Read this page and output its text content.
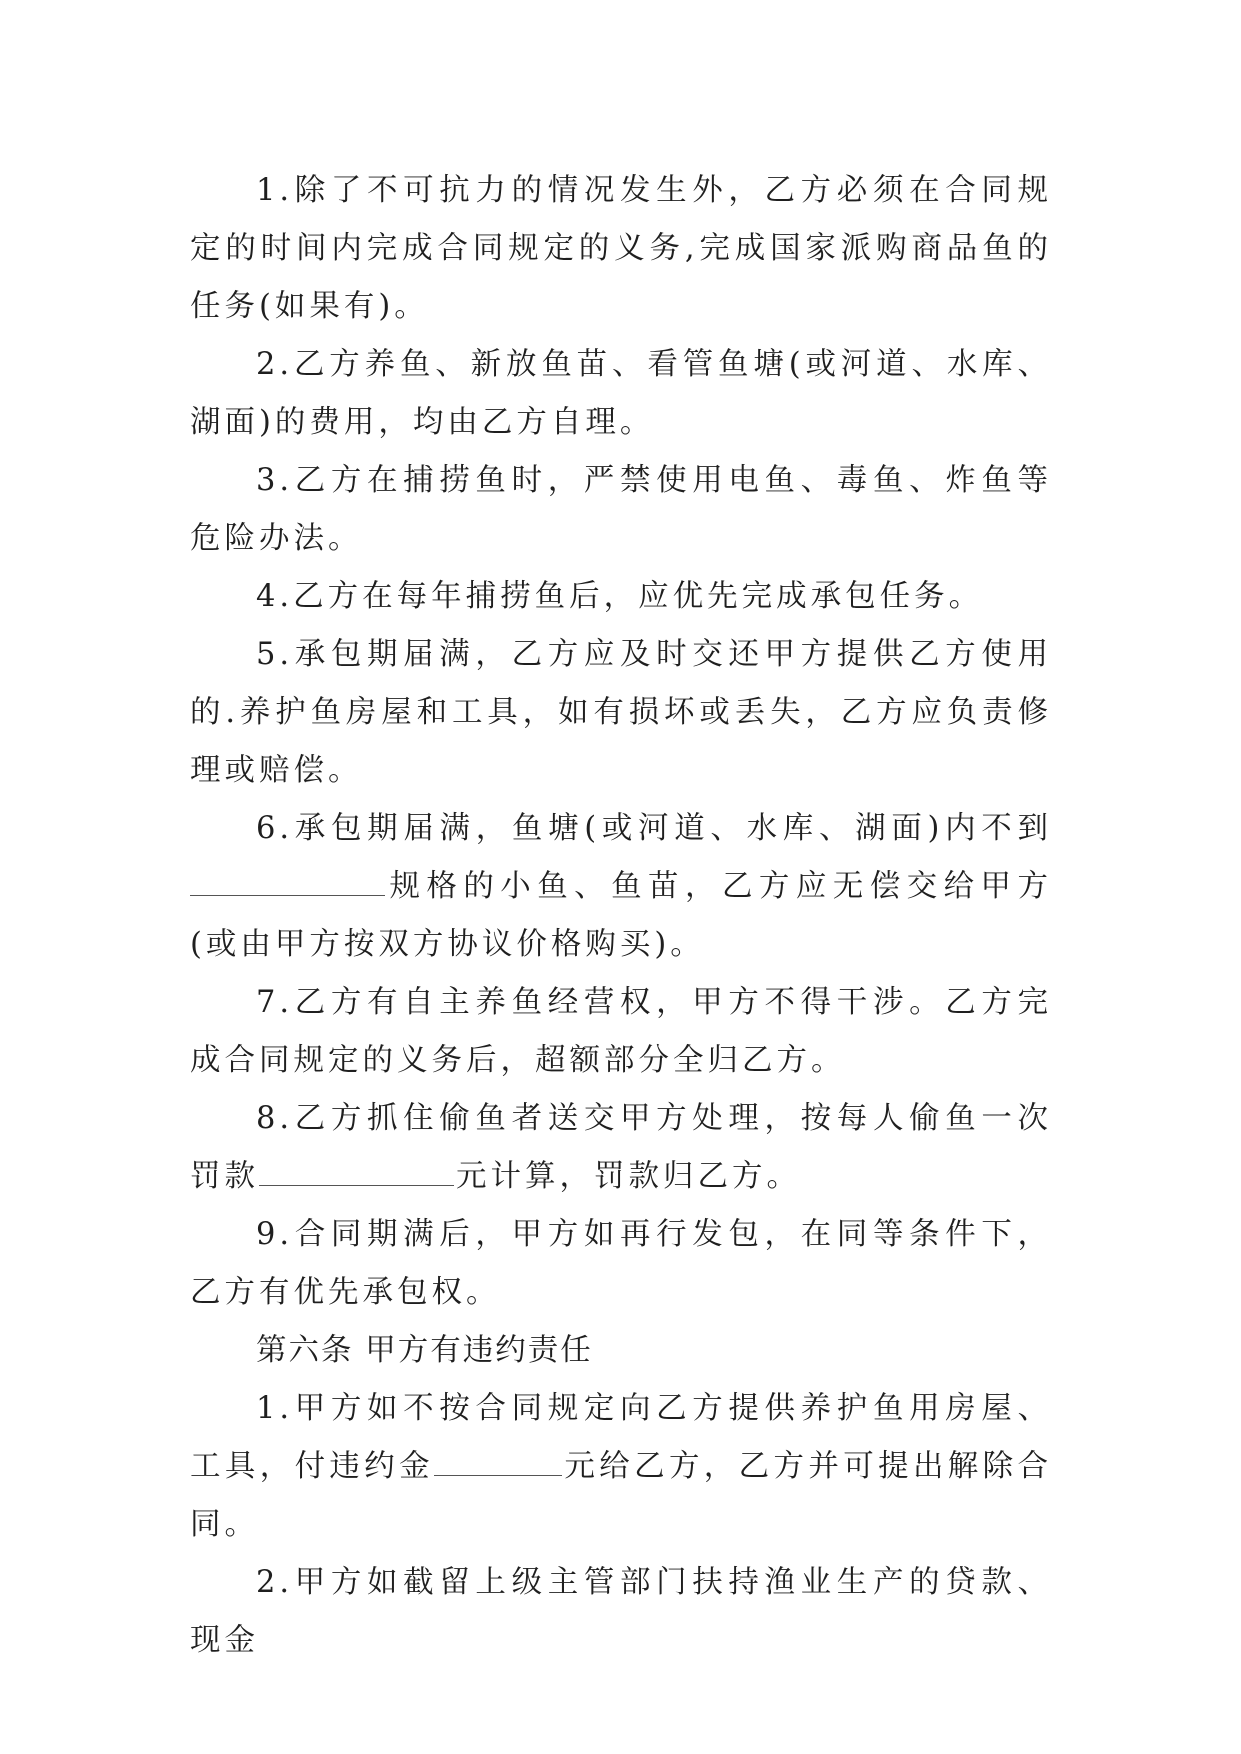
1.除了不可抗力的情况发生外，乙方必须在合同规定的时间内完成合同规定的义务,完成国家派购商品鱼的任务(如果有)。

2.乙方养鱼、新放鱼苗、看管鱼塘(或河道、水库、湖面)的费用，均由乙方自理。

3.乙方在捕捞鱼时，严禁使用电鱼、毒鱼、炸鱼等危险办法。

4.乙方在每年捕捞鱼后，应优先完成承包任务。

5.承包期届满，乙方应及时交还甲方提供乙方使用的.养护鱼房屋和工具，如有损坏或丢失，乙方应负责修理或赔偿。

6.承包期届满，鱼塘(或河道、水库、湖面)内不到规格的小鱼、鱼苗，乙方应无偿交给甲方(或由甲方按双方协议价格购买)。

7.乙方有自主养鱼经营权，甲方不得干涉。乙方完成合同规定的义务后，超额部分全归乙方。

8.乙方抓住偷鱼者送交甲方处理，按每人偷鱼一次罚款	元计算，罚款归乙方。

9.合同期满后，甲方如再行发包，在同等条件下，乙方有优先承包权。

第六条 甲方有违约责任

1.甲方如不按合同规定向乙方提供养护鱼用房屋、工具，付违约金	元给乙方，乙方并可提出解除合同。

2.甲方如截留上级主管部门扶持渔业生产的贷款、现金
